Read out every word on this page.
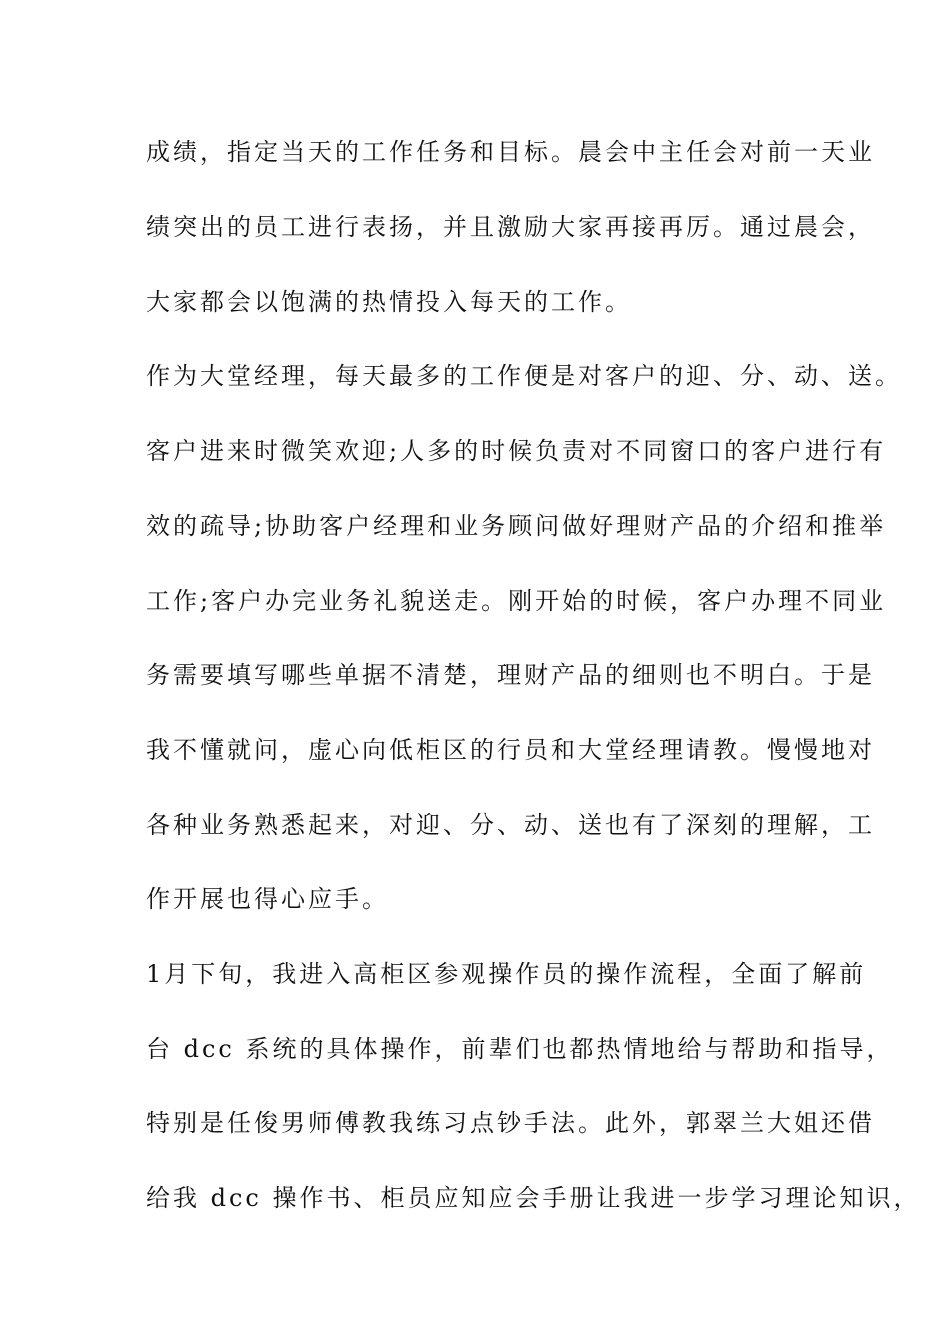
成绩，指定当天的工作任务和目标。晨会中主任会对前一天业
绩突出的员工进行表扬，并且激励大家再接再厉。通过晨会，
大家都会以饱满的热情投入每天的工作。
作为大堂经理，每天最多的工作便是对客户的迎、分、动、送。
客户进来时微笑欢迎;人多的时候负责对不同窗口的客户进行有
效的疏导;协助客户经理和业务顾问做好理财产品的介绍和推举
工作;客户办完业务礼貌送走。刚开始的时候，客户办理不同业
务需要填写哪些单据不清楚，理财产品的细则也不明白。于是
我不懂就问，虚心向低柜区的行员和大堂经理请教。慢慢地对
各种业务熟悉起来，对迎、分、动、送也有了深刻的理解，工
作开展也得心应手。
1月下旬，我进入高柜区参观操作员的操作流程，全面了解前
台 dcc 系统的具体操作，前辈们也都热情地给与帮助和指导，
特别是任俊男师傅教我练习点钞手法。此外，郭翠兰大姐还借
给我 dcc 操作书、柜员应知应会手册让我进一步学习理论知识，
